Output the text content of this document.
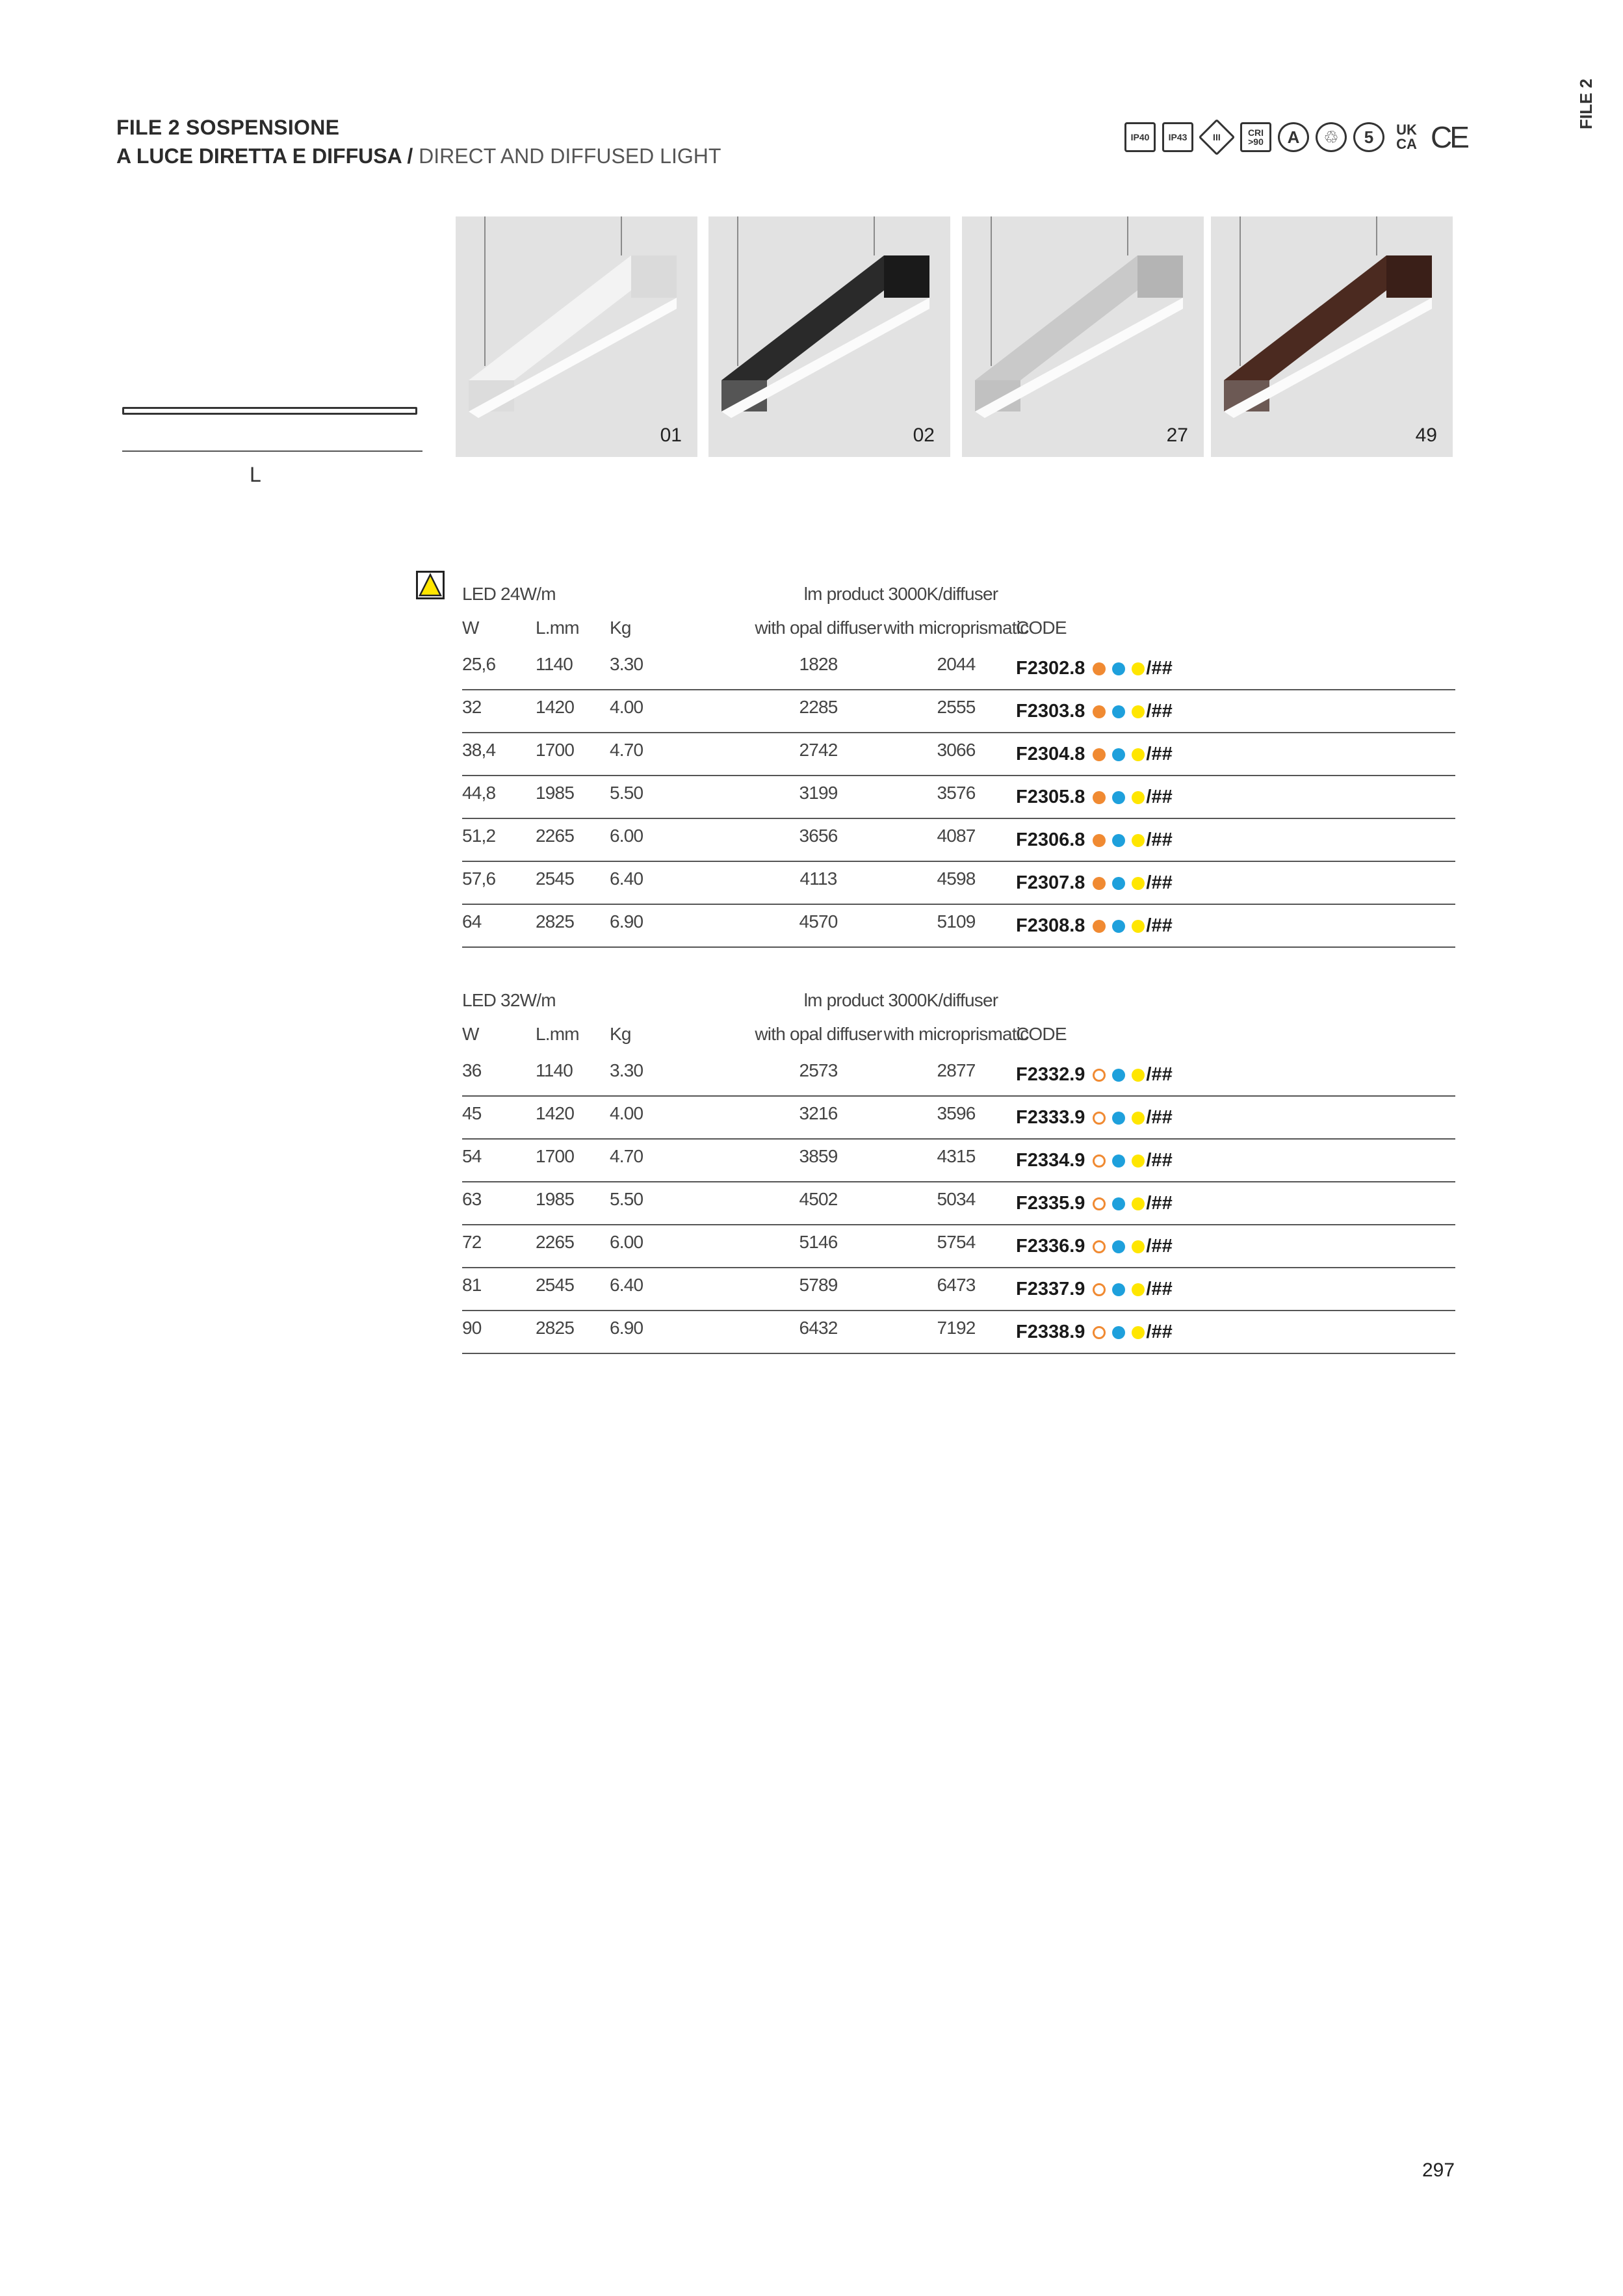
FILE 2 SOSPENSIONE
A LUCE DIRETTA E DIFFUSA / DIRECT AND DIFFUSED LIGHT
FILE 2
IP40	IP43	III	CRI >90	A	♲	5	UK CA CE
L
01	02	27	49
LED 24W/m	lm product 3000K/diffuser
W	L.mm Kg	with opal diffuser with microprismatic
CODE
25,6 1140 3.30	1828	2044	F2302.8	/##
32	1420 4.00	2285	2555	F2303.8	/##
38,4 1700 4.70	2742	3066	F2304.8	/##
44,8 1985 5.50	3199	3576	F2305.8	/##
51,2 2265 6.00	3656	4087	F2306.8	/##
57,6 2545 6.40	4113	4598	F2307.8	/##
64	2825 6.90	4570	5109	F2308.8	/##
LED 32W/m	lm product 3000K/diffuser
W	L.mm Kg	with opal diffuser with microprismatic
CODE
36	1140 3.30	2573	2877	F2332.9	/##
45	1420 4.00	3216	3596	F2333.9	/##
54	1700 4.70	3859	4315	F2334.9	/##
63	1985 5.50	4502	5034	F2335.9	/##
72	2265 6.00	5146	5754	F2336.9	/##
81	2545 6.40	5789	6473	F2337.9	/##
90	2825 6.90	6432	7192	F2338.9	/##
297
